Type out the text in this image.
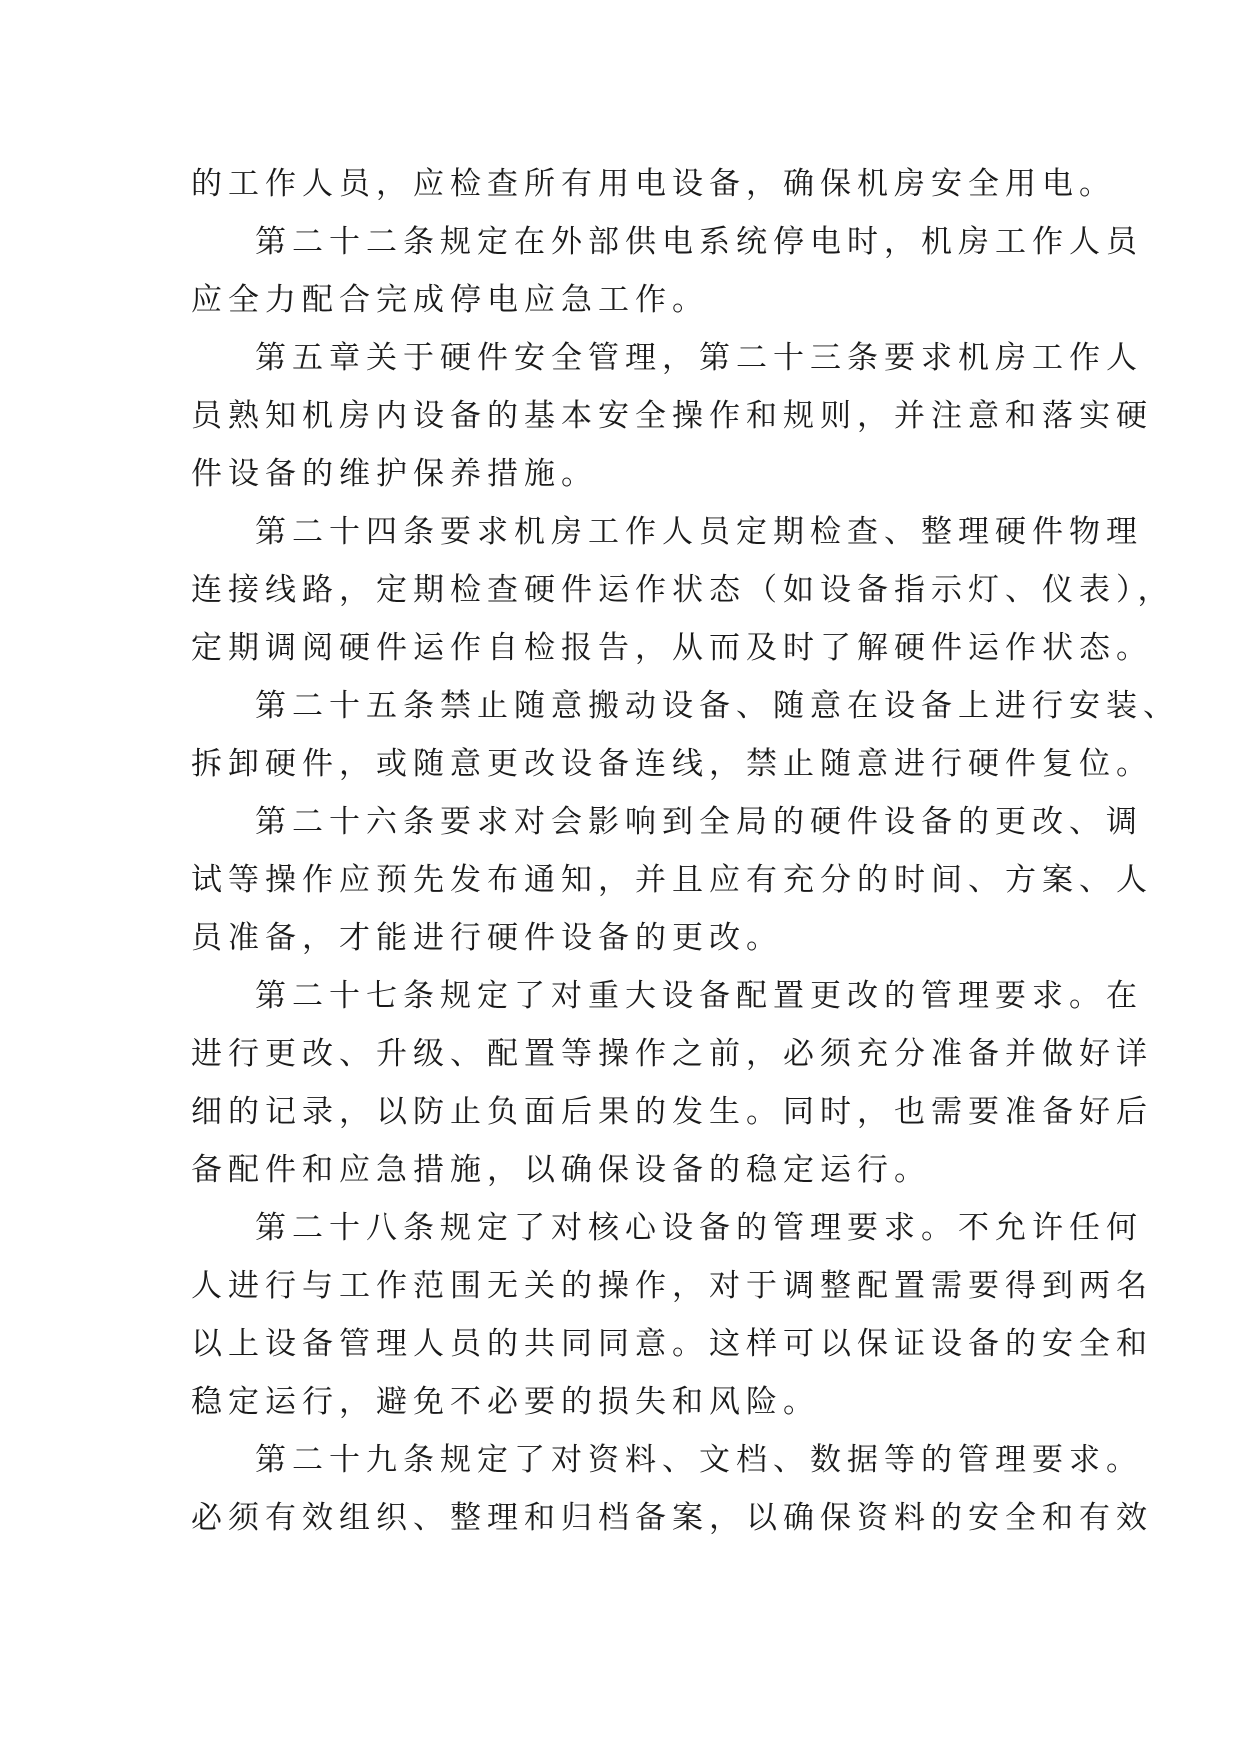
的工作人员，应检查所有用电设备，确保机房安全用电。
第二十二条规定在外部供电系统停电时，机房工作人员
应全力配合完成停电应急工作。
第五章关于硬件安全管理，第二十三条要求机房工作人
员熟知机房内设备的基本安全操作和规则，并注意和落实硬
件设备的维护保养措施。
第二十四条要求机房工作人员定期检查、整理硬件物理
连接线路，定期检查硬件运作状态（如设备指示灯、仪表），
定期调阅硬件运作自检报告，从而及时了解硬件运作状态。
第二十五条禁止随意搬动设备、随意在设备上进行安装、
拆卸硬件，或随意更改设备连线，禁止随意进行硬件复位。
第二十六条要求对会影响到全局的硬件设备的更改、调
试等操作应预先发布通知，并且应有充分的时间、方案、人
员准备，才能进行硬件设备的更改。
第二十七条规定了对重大设备配置更改的管理要求。在
进行更改、升级、配置等操作之前，必须充分准备并做好详
细的记录，以防止负面后果的发生。同时，也需要准备好后
备配件和应急措施，以确保设备的稳定运行。
第二十八条规定了对核心设备的管理要求。不允许任何
人进行与工作范围无关的操作，对于调整配置需要得到两名
以上设备管理人员的共同同意。这样可以保证设备的安全和
稳定运行，避免不必要的损失和风险。
第二十九条规定了对资料、文档、数据等的管理要求。
必须有效组织、整理和归档备案，以确保资料的安全和有效
